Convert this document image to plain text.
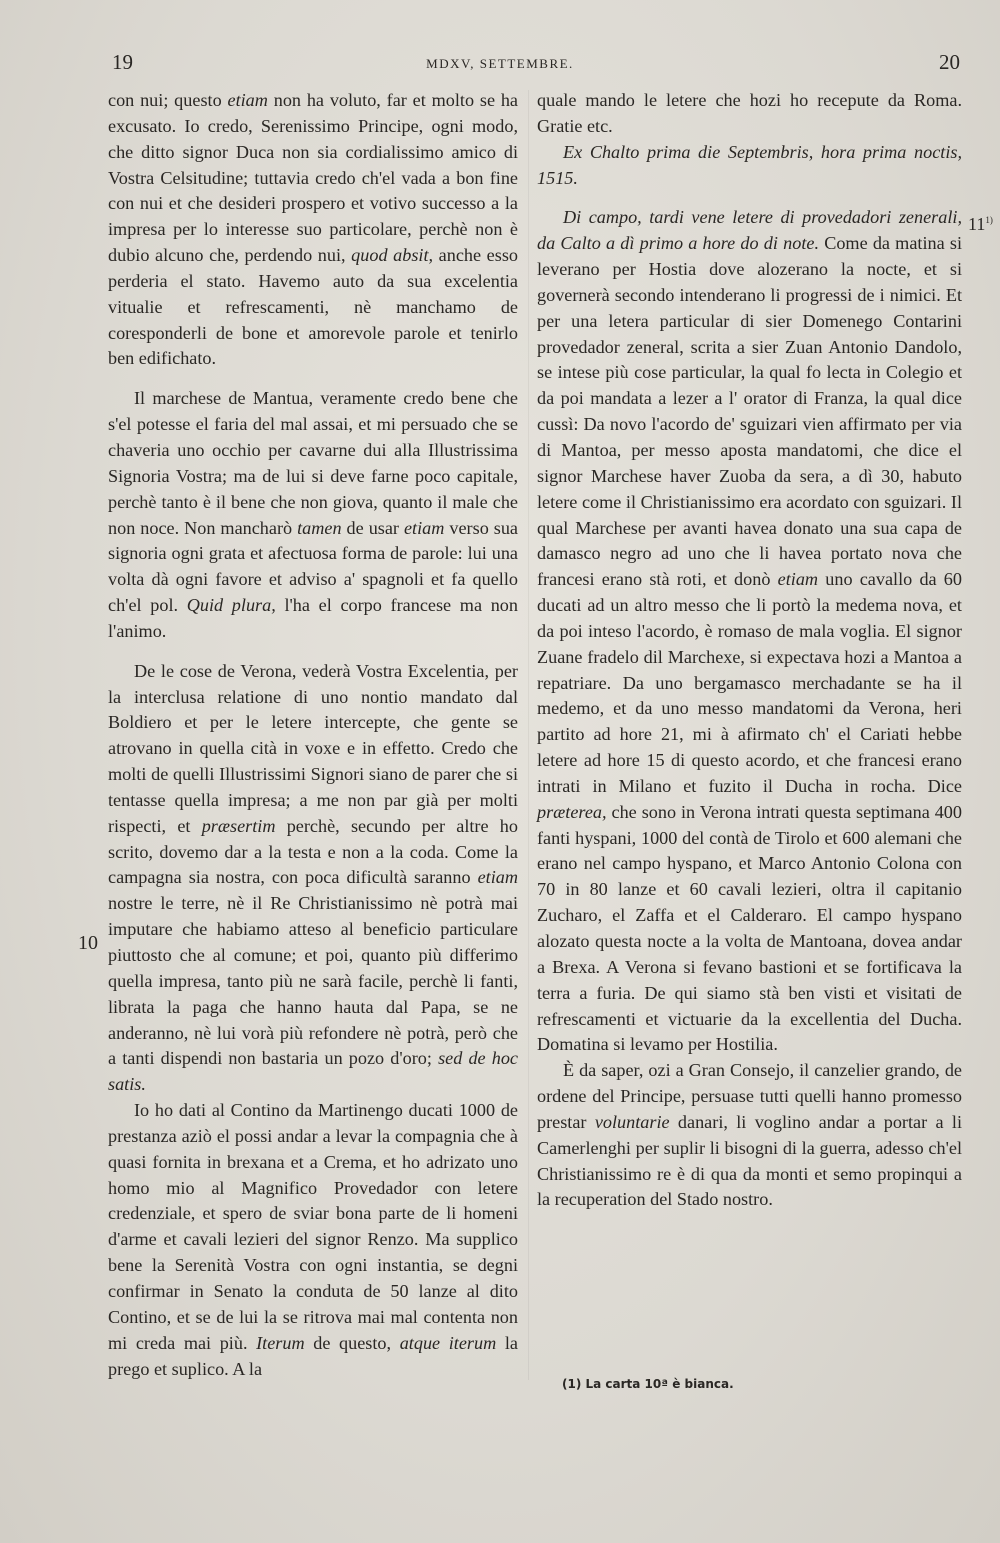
19	MDXV, SETTEMBRE.	20

con nui; questo etiam non ha voluto, far et molto se ha excusato. Io credo, Serenissimo Principe, ogni modo, che ditto signor Duca non sia cordialissimo amico di Vostra Celsitudine; tuttavia credo ch'el vada a bon fine con nui et che desideri prospero et votivo successo a la impresa per lo interesse suo particolare, perchè non è dubio alcuno che, perdendo nui, quod absit, anche esso perderia el stato. Havemo auto da sua excelentia vitualie et refrescamenti, nè manchamo de coresponderli de bone et amorevole parole et tenirlo ben edifichato.

Il marchese de Mantua, veramente credo bene che s'el potesse el faria del mal assai, et mi persuado che se chaveria uno occhio per cavarne dui alla Illustrissima Signoria Vostra; ma de lui si deve farne poco capitale, perchè tanto è il bene che non giova, quanto il male che non noce. Non mancharò tamen de usar etiam verso sua signoria ogni grata et afectuosa forma de parole: lui una volta dà ogni favore et adviso a' spagnoli et fa quello ch'el pol. Quid plura, l'ha el corpo francese ma non l'animo.

De le cose de Verona, vederà Vostra Excelentia, per la interclusa relatione di uno nontio mandato dal Boldiero et per le letere intercepte, che gente se atrovano in quella cità in voxe e in effetto. Credo che molti de quelli Illustrissimi Signori siano de parer che si tentasse quella impresa; a me non par già per molti rispecti, et præsertim perchè, secundo per altre ho scrito, dovemo dar a la testa e non a la coda. Come la campagna sia nostra, con poca dificultà saranno etiam nostre le terre, nè il Re Christianissimo nè potrà mai imputare che habiamo atteso al beneficio particulare piuttosto che al comune; et poi, quanto più differimo quella impresa, tanto più ne sarà facile, perchè li fanti, librata la paga che hanno hauta dal Papa, se ne anderanno, nè lui vorà più refondere nè potrà, però che a tanti dispendi non bastaria un pozo d'oro; sed de hoc satis.

Io ho dati al Contino da Martinengo ducati 1000 de prestanza aziò el possi andar a levar la compagnia che à quasi fornita in brexana et a Crema, et ho adrizato uno homo mio al Magnifico Provedador con letere credenziale, et spero de sviar bona parte de li homeni d'arme et cavali lezieri del signor Renzo. Ma supplico bene la Serenità Vostra con ogni instantia, se degni confirmar in Senato la conduta de 50 lanze al dito Contino, et se de lui la se ritrova mai mal contenta non mi creda mai più. Iterum de questo, atque iterum la prego et suplico. A la

quale mando le letere che hozi ho recepute da Roma. Gratie etc.

Ex Chalto prima die Septembris, hora prima noctis, 1515.

Di campo, tardi vene letere di provedadori zenerali, da Calto a dì primo a hore do di note. Come da matina si leverano per Hostia dove alozerano la nocte, et si governerà secondo intenderano li progressi de i nimici. Et per una letera particular di sier Domenego Contarini provedador zeneral, scrita a sier Zuan Antonio Dandolo, se intese più cose particular, la qual fo lecta in Colegio et da poi mandata a lezer a l' orator di Franza, la qual dice cussì: Da novo l'acordo de' sguizari vien affirmato per via di Mantoa, per messo aposta mandatomi, che dice el signor Marchese haver Zuoba da sera, a dì 30, habuto letere come il Christianissimo era acordato con sguizari. Il qual Marchese per avanti havea donato una sua capa de damasco negro ad uno che li havea portato nova che francesi erano stà roti, et donò etiam uno cavallo da 60 ducati ad un altro messo che li portò la medema nova, et da poi inteso l'acordo, è romaso de mala voglia. El signor Zuane fradelo dil Marchexe, si expectava hozi a Mantoa a repatriare. Da uno bergamasco merchadante se ha il medemo, et da uno messo mandatomi da Verona, heri partito ad hore 21, mi à afirmato ch' el Cariati hebbe letere ad hore 15 di questo acordo, et che francesi erano intrati in Milano et fuzito il Ducha in rocha. Dice præterea, che sono in Verona intrati questa septimana 400 fanti hyspani, 1000 del contà de Tirolo et 600 alemani che erano nel campo hyspano, et Marco Antonio Colona con 70 in 80 lanze et 60 cavali lezieri, oltra il capitanio Zucharo, el Zaffa et el Calderaro. El campo hyspano alozato questa nocte a la volta de Mantoana, dovea andar a Brexa. A Verona si fevano bastioni et se fortificava la terra a furia. De qui siamo stà ben visti et visitati de refrescamenti et victuarie da la excellentia del Ducha. Domatina si levamo per Hostilia.

È da saper, ozi a Gran Consejo, il canzelier grando, de ordene del Principe, persuase tutti quelli hanno promesso prestar voluntarie danari, li voglino andar a portar a li Camerlenghi per suplir li bisogni di la guerra, adesso ch'el Christianissimo re è di qua da monti et semo propinqui a la recuperation del Stado nostro.

10
11$^{1)}$
(1) La carta 10ª è bianca.
